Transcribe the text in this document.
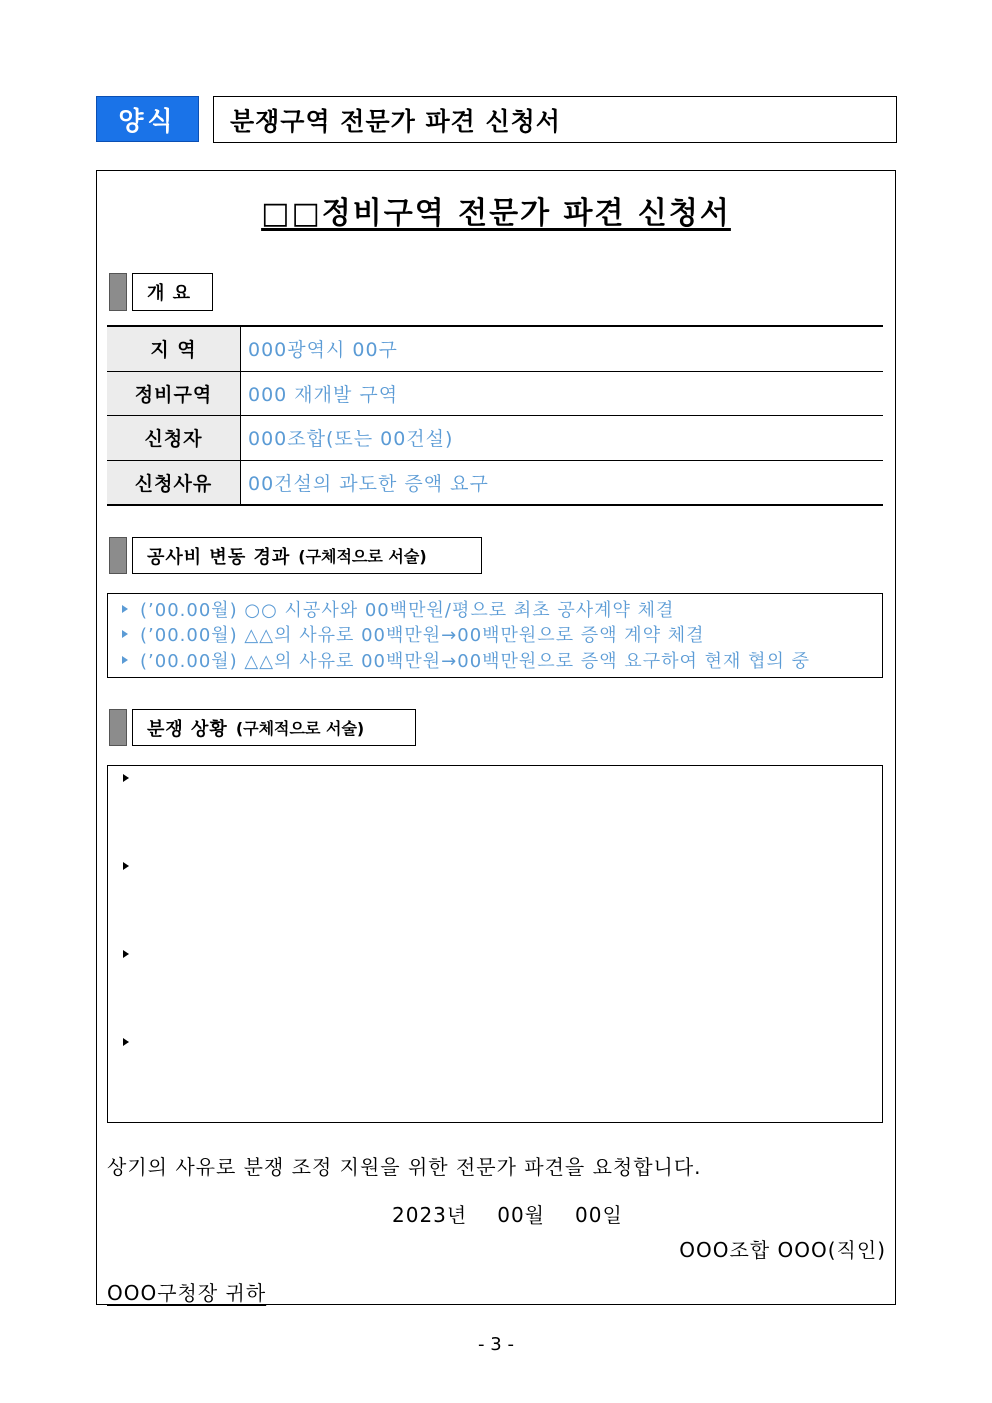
양식	분쟁구역 전문가 파견 신청서
□□정비구역 전문가 파견 신청서
개 요
지 역	000광역시 00구
정비구역	000 재개발 구역
신청자	000조합(또는 00건설)
신청사유	00건설의 과도한 증액 요구
공사비 변동 경과 (구체적으로 서술)
(’00.00월) ○○ 시공사와 00백만원/평으로 최초 공사계약 체결
(’00.00월) △△의 사유로 00백만원→00백만원으로 증액 계약 체결
(’00.00월) △△의 사유로 00백만원→00백만원으로 증액 요구하여 현재 협의 중
분쟁 상황 (구체적으로 서술)
상기의 사유로 분쟁 조정 지원을 위한 전문가 파견을 요청합니다.
2023년 00월 00일
OOO조합 OOO(직인)
OOO구청장 귀하
- 3 -
